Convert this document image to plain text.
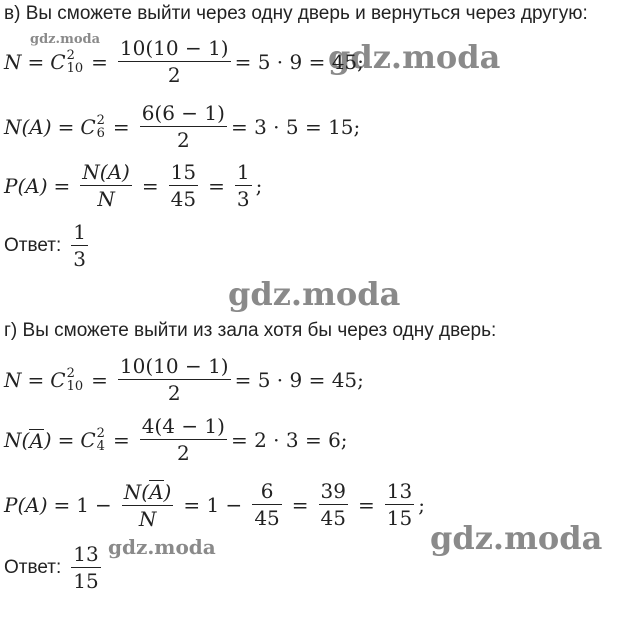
gdz.moda	gdz.moda
gdz.moda
gdz.moda
gdz.moda
в) Вы сможете выйти через одну дверь и вернуться через другую:
N = C 2
$10 = \frac{10(10 - 1)}{2} = 5 \cdot 9 = 45$;
N(A) = C 2
$6 = \frac{6(6 - 1)}{2} = 3 \cdot 5 = 15$;
$P(A) = \frac{N(A)}{N} = \frac{15}{45} = \frac{1}{3}$ ;
Ответ: $\frac{1}{3}$
г) Вы сможете выйти из зала хотя бы через одну дверь:
N = C 2
$10 = \frac{10(10 - 1)}{2} = 5 \cdot 9 = 45$;
N( A ) = C 2
$4 = \frac{4(4 - 1)}{2} = 2 \cdot 3 = 6$;
$P(A) = 1 - \frac{N(A)}{N} = 1 - \frac{6}{45} = \frac{39}{45} = \frac{13}{15}$ ;
Ответ: $\frac{13}{15}$
